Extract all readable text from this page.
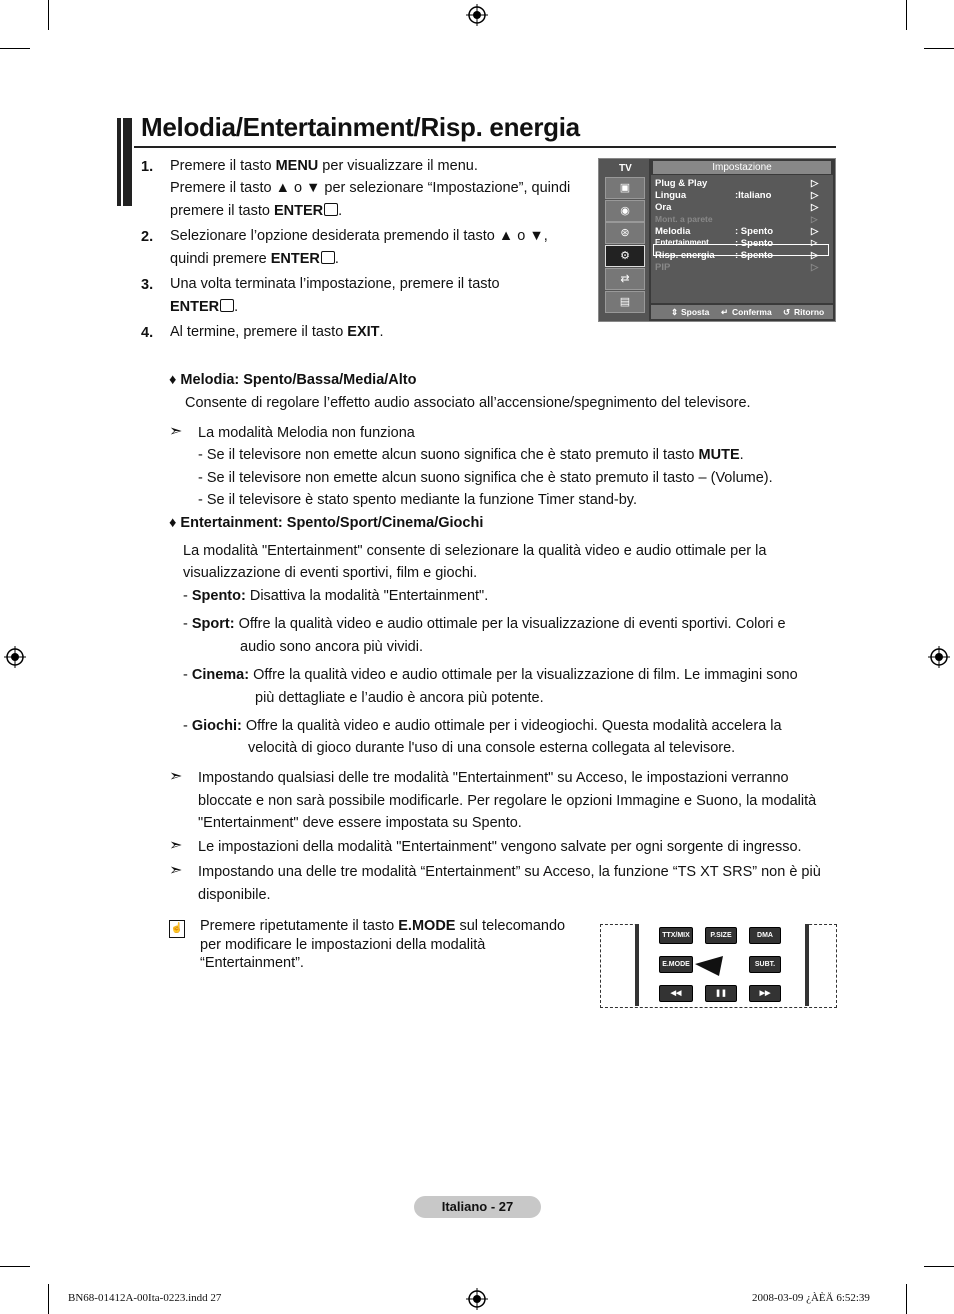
Melodia/Entertainment/Risp. energia
1. Premere il tasto MENU per visualizzare il menu.
Premere il tasto ▲ o ▼ per selezionare “Impostazione”, quindi
premere il tasto ENTER .
2. Selezionare l’opzione desiderata premendo il tasto ▲ o ▼,
quindi premere ENTER .
3. Una volta terminata l’impostazione, premere il tasto
ENTER .
4. Al termine, premere il tasto EXIT.
TV
▣
◉
⊛
⚙
⇄
▤
Impostazione
Plug & Play	▷
Lingua	:Italiano	▷
Ora	▷
Mont. a parete	▷
Melodia	: Spento	▷
Entertainment	: Spento	▷
Risp. energia : Spento	▷
PIP	▷
⇕ Sposta ↵ Conferma ↺ Ritorno
♦ Melodia: Spento/Bassa/Media/Alto
Consente di regolare l’effetto audio associato all’accensione/spegnimento del televisore.
➣ La modalità Melodia non funziona
- Se il televisore non emette alcun suono significa che è stato premuto il tasto MUTE.
- Se il televisore non emette alcun suono significa che è stato premuto il tasto – (Volume).
- Se il televisore è stato spento mediante la funzione Timer stand-by.
♦ Entertainment: Spento/Sport/Cinema/Giochi
La modalità "Entertainment" consente di selezionare la qualità video e audio ottimale per la
visualizzazione di eventi sportivi, film e giochi.
- Spento: Disattiva la modalità "Entertainment".
- Sport: Offre la qualità video e audio ottimale per la visualizzazione di eventi sportivi. Colori e
audio sono ancora più vividi.
- Cinema: Offre la qualità video e audio ottimale per la visualizzazione di film. Le immagini sono
più dettagliate e l’audio è ancora più potente.
- Giochi: Offre la qualità video e audio ottimale per i videogiochi. Questa modalità accelera la
velocità di gioco durante l'uso di una console esterna collegata al televisore.
➣ Impostando qualsiasi delle tre modalità "Entertainment" su Acceso, le impostazioni verranno
bloccate e non sarà possibile modificarle. Per regolare le opzioni Immagine e Suono, la modalità
"Entertainment" deve essere impostata su Spento.
➣ Le impostazioni della modalità "Entertainment" vengono salvate per ogni sorgente di ingresso.
➣ Impostando una delle tre modalità “Entertainment” su Acceso, la funzione “TS XT SRS” non è più
disponibile.
☝ Premere ripetutamente il tasto E.MODE sul telecomando
per modificare le impostazioni della modalità
“Entertainment”.
TTX/MIX	P.SIZE	DMA
E.MODE	SUBT.
◀◀	❚❚	▶▶
Italiano - 27
BN68-01412A-00Ita-0223.indd 27	2008-03-09 ¿ÀÈÄ 6:52:39
